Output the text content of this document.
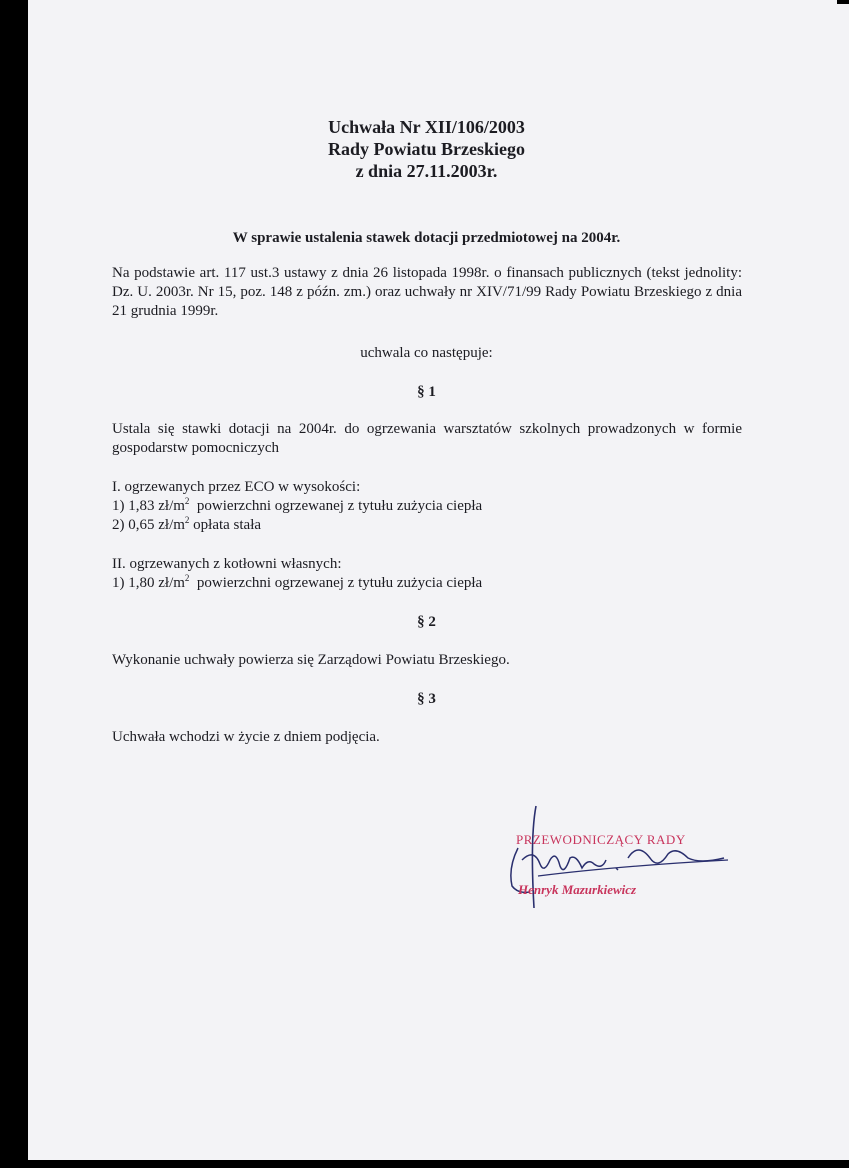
Uchwała Nr XII/106/2003
Rady Powiatu Brzeskiego
z dnia 27.11.2003r.
W sprawie ustalenia stawek dotacji przedmiotowej na 2004r.
Na podstawie art. 117 ust.3 ustawy z dnia 26 listopada 1998r. o finansach publicznych (tekst jednolity: Dz. U. 2003r. Nr 15, poz. 148 z późn. zm.) oraz uchwały nr XIV/71/99 Rady Powiatu Brzeskiego z dnia 21 grudnia 1999r.
uchwala co następuje:
§ 1
Ustala się stawki dotacji na 2004r. do ogrzewania warsztatów szkolnych prowadzonych w formie gospodarstw pomocniczych
I. ogrzewanych przez ECO w wysokości:
1) 1,83 $zł/m^2$  powierzchni ogrzewanej z tytułu zużycia ciepła
2) 0,65 $zł/m^2$ opłata stała
II. ogrzewanych z kotłowni własnych:
1) 1,80 $zł/m^2$  powierzchni ogrzewanej z tytułu zużycia ciepła
§ 2
Wykonanie uchwały powierza się Zarządowi Powiatu Brzeskiego.
§ 3
Uchwała wchodzi w życie z dniem podjęcia.
PRZEWODNICZĄCY RADY
Henryk Mazurkiewicz
